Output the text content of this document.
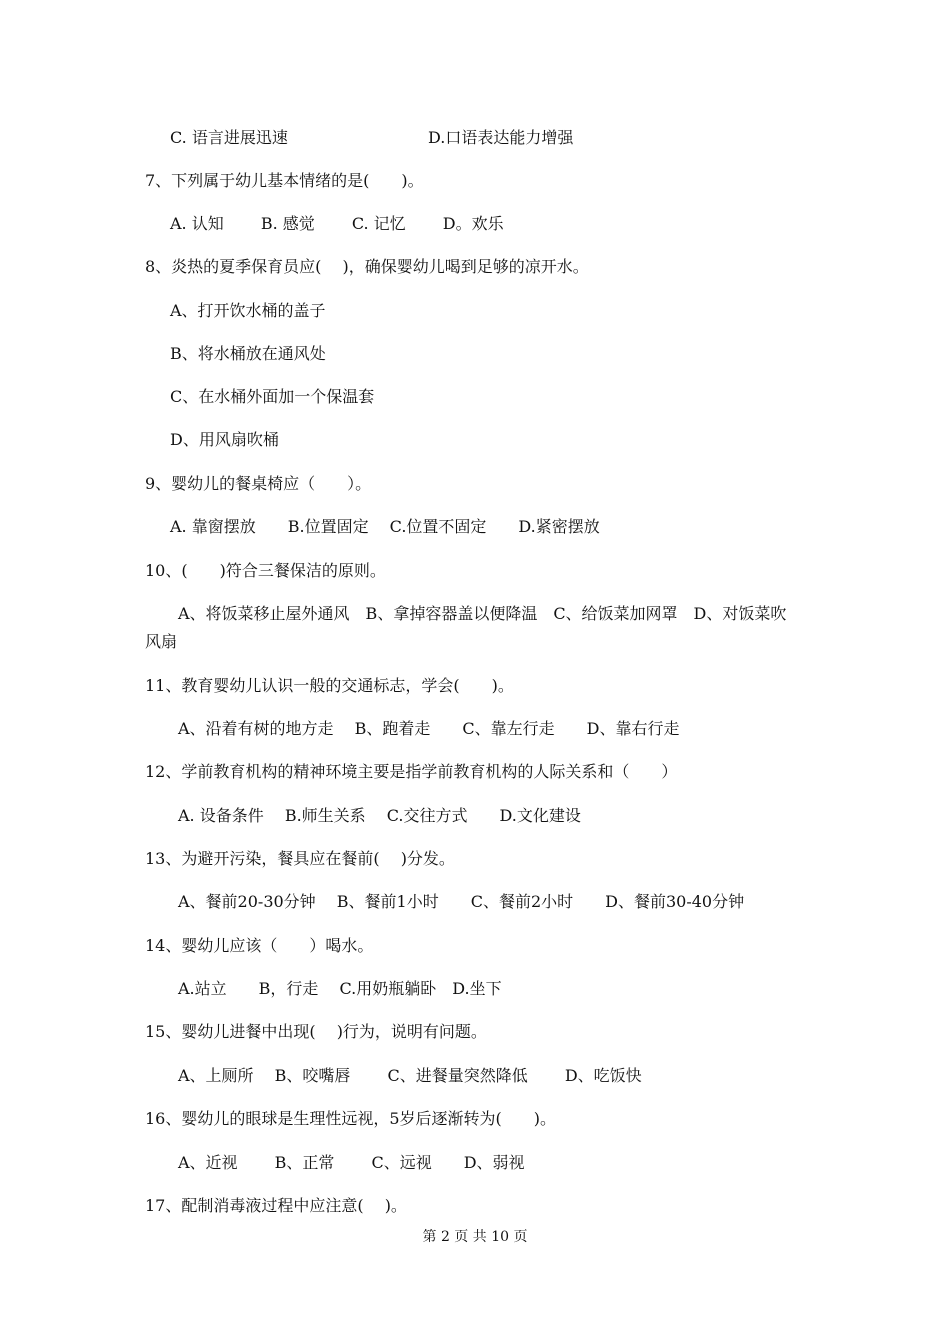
C. 语言进展迅速	D.口语表达能力增强
7、下列属于幼儿基本情绪的是(　　)。
A. 认知　　 B. 感觉　　 C. 记忆　　 D。欢乐
8、炎热的夏季保育员应(　 )，确保婴幼儿喝到足够的凉开水。
A、打开饮水桶的盖子
B、将水桶放在通风处
C、在水桶外面加一个保温套
D、用风扇吹桶
9、婴幼儿的餐桌椅应（　　）。
A. 靠窗摆放　　B.位置固定　 C.位置不固定　　D.紧密摆放
10、(　　)符合三餐保洁的原则。
A、将饭菜移止屋外通风　B、拿掉容器盖以便降温　C、给饭菜加网罩　D、对饭菜吹
风扇
11、教育婴幼儿认识一般的交通标志，学会(　　)。
A、沿着有树的地方走　 B、跑着走　　C、靠左行走　　D、靠右行走
12、学前教育机构的精神环境主要是指学前教育机构的人际关系和（　　）
A. 设备条件　 B.师生关系　 C.交往方式　　D.文化建设
13、为避开污染，餐具应在餐前(　 )分发。
A、餐前20-30分钟　 B、餐前1小时　　C、餐前2小时　　D、餐前30-40分钟
14、婴幼儿应该（　　）喝水。
A.站立　　B，行走　 C.用奶瓶躺卧　D.坐下
15、婴幼儿进餐中出现(　 )行为，说明有问题。
A、上厕所　 B、咬嘴唇　　 C、进餐量突然降低　　 D、吃饭快
16、婴幼儿的眼球是生理性远视，5岁后逐渐转为(　　)。
A、近视　　 B、正常　　 C、远视　　D、弱视
17、配制消毒液过程中应注意(　 )。
第 2 页 共 10 页
